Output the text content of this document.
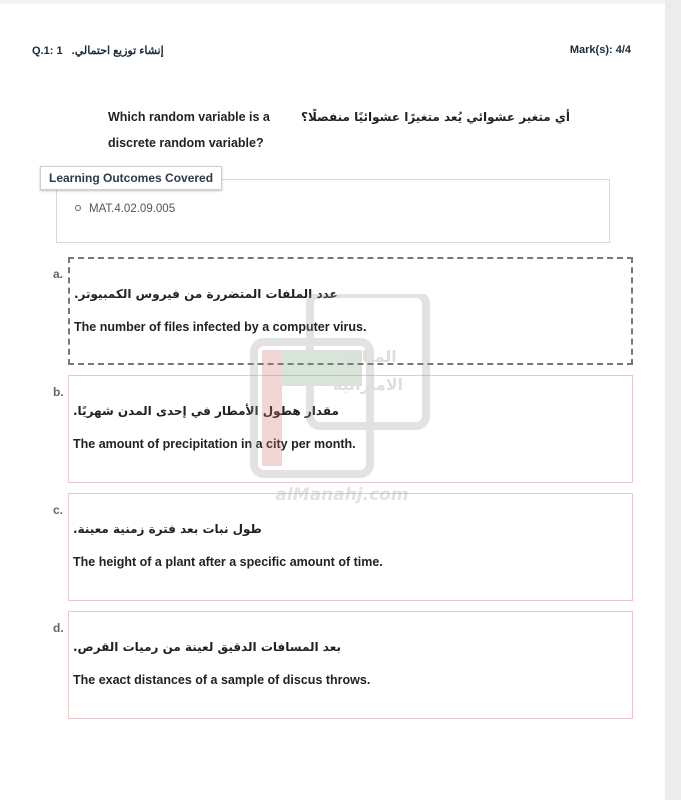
Q.1: 1 إنشاء توزيع احتمالي.	Mark(s): 4/4
Which random variable is a discrete random variable?
أي متغير عشوائي يُعد متغيرًا عشوائيًا منفصلًا؟
Learning Outcomes Covered
MAT.4.02.09.005
a.
عدد الملفات المتضررة من فيروس الكمبيوتر.
The number of files infected by a computer virus.
b.
مقدار هطول الأمطار في إحدى المدن شهريًا.
The amount of precipitation in a city per month.
c.
طول نبات بعد فترة زمنية معينة.
The height of a plant after a specific amount of time.
d.
بعد المسافات الدقيق لعينة من رميات القرص.
The exact distances of a sample of discus throws.
المناهج
الاماراتية
alManahj.com
